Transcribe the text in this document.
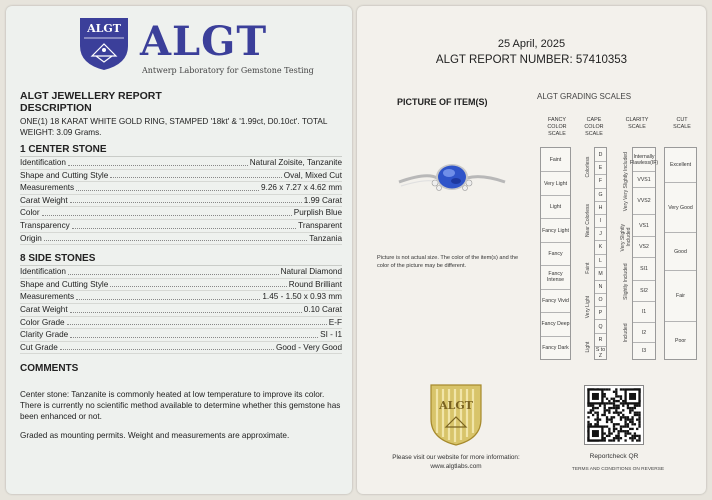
ALGT ALGT
Antwerp Laboratory for Gemstone Testing
ALGT JEWELLERY REPORT
DESCRIPTION
ONE(1) 18 KARAT WHITE GOLD RING, STAMPED '18kt' & '1.99ct, D0.10ct'. TOTAL WEIGHT: 3.09 Grams.
1 CENTER STONE
Identification	Natural Zoisite, Tanzanite
Shape and Cutting Style	Oval, Mixed Cut
Measurements	9.26 x 7.27 x 4.62 mm
Carat Weight	1.99 Carat
Color	Purplish Blue
Transparency	Transparent
Origin	Tanzania
8 SIDE STONES
Identification	Natural Diamond
Shape and Cutting Style	Round Brilliant
Measurements	1.45 - 1.50 x 0.93 mm
Carat Weight	0.10 Carat
Color Grade	E-F
Clarity Grade	SI - I1
Cut Grade	Good - Very Good
COMMENTS
Center stone: Tanzanite is commonly heated at low temperature to improve its color. There is currently no scientific method available to determine whether this gemstone has been enhanced or not.
Graded as mounting permits. Weight and measurements are approximate.
25 April, 2025
ALGT REPORT NUMBER: 57410353
PICTURE OF ITEM(S)
ALGT GRADING SCALES
Picture is not actual size. The color of the item(s) and the color of the picture may be different.
FANCY COLOR SCALE
CAPE COLOR SCALE
CLARITY SCALE
CUT SCALE
Faint
Very Light
Light
Fancy Light
Fancy
Fancy Intense
Fancy Vivid
Fancy Deep
Fancy Dark
D
E
F
G
H
I
J
K
L
M
N
O
P
Q
R
S to Z
Colorless
Near Colorless
Faint
Very Light
Light
Internally Flawless(IF)
VVS1
VVS2
VS1
VS2
SI1
SI2
I1
I2
I3
Very Very Slightly Included
Very Slightly Included
Slightly Included
Included
Excellent
Very Good
Good
Fair
Poor
ALGT
Please visit our website for more information:
www.algtlabs.com
Reportcheck QR
TERMS AND CONDITIONS ON REVERSE
